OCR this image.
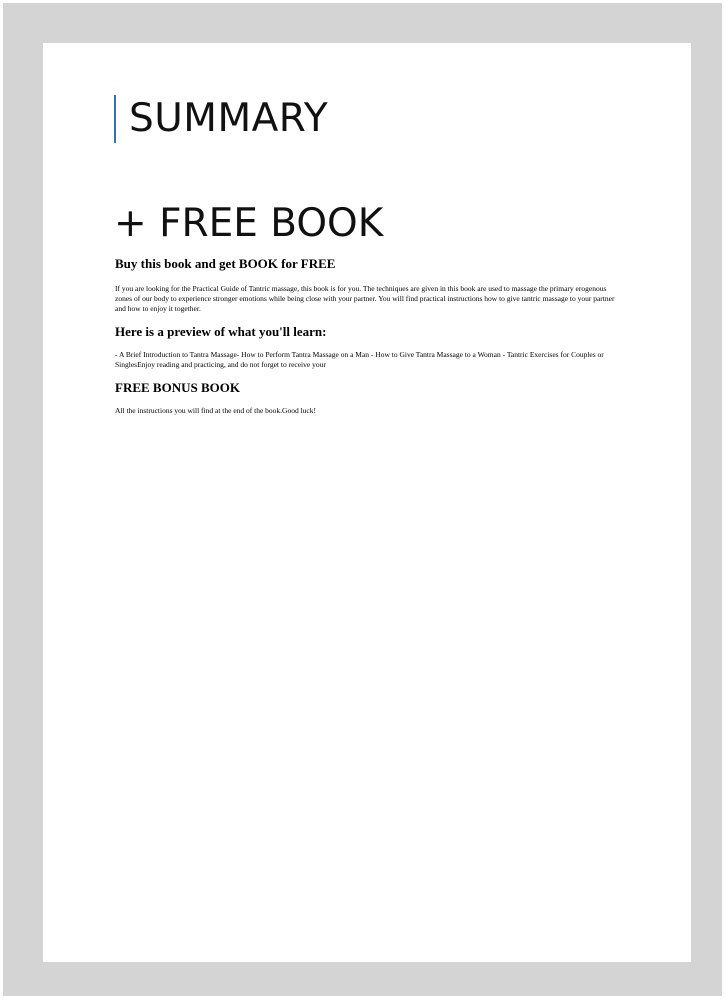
SUMMARY
+ FREE BOOK
Buy this book and get BOOK for FREE

If you are looking for the Practical Guide of Tantric massage, this book is for you. The techniques are given in this book are used to massage the primary erogenous zones of our body to experience stronger emotions while being close with your partner. You will find practical instructions how to give tantric massage to your partner and how to enjoy it together.

Here is a preview of what you'll learn:

- A Brief Introduction to Tantra Massage- How to Perform Tantra Massage on a Man - How to Give Tantra Massage to a Woman - Tantric Exercises for Couples or SinglesEnjoy reading and practicing, and do not forget to receive your

FREE BONUS BOOK

All the instructions you will find at the end of the book.Good luck!
